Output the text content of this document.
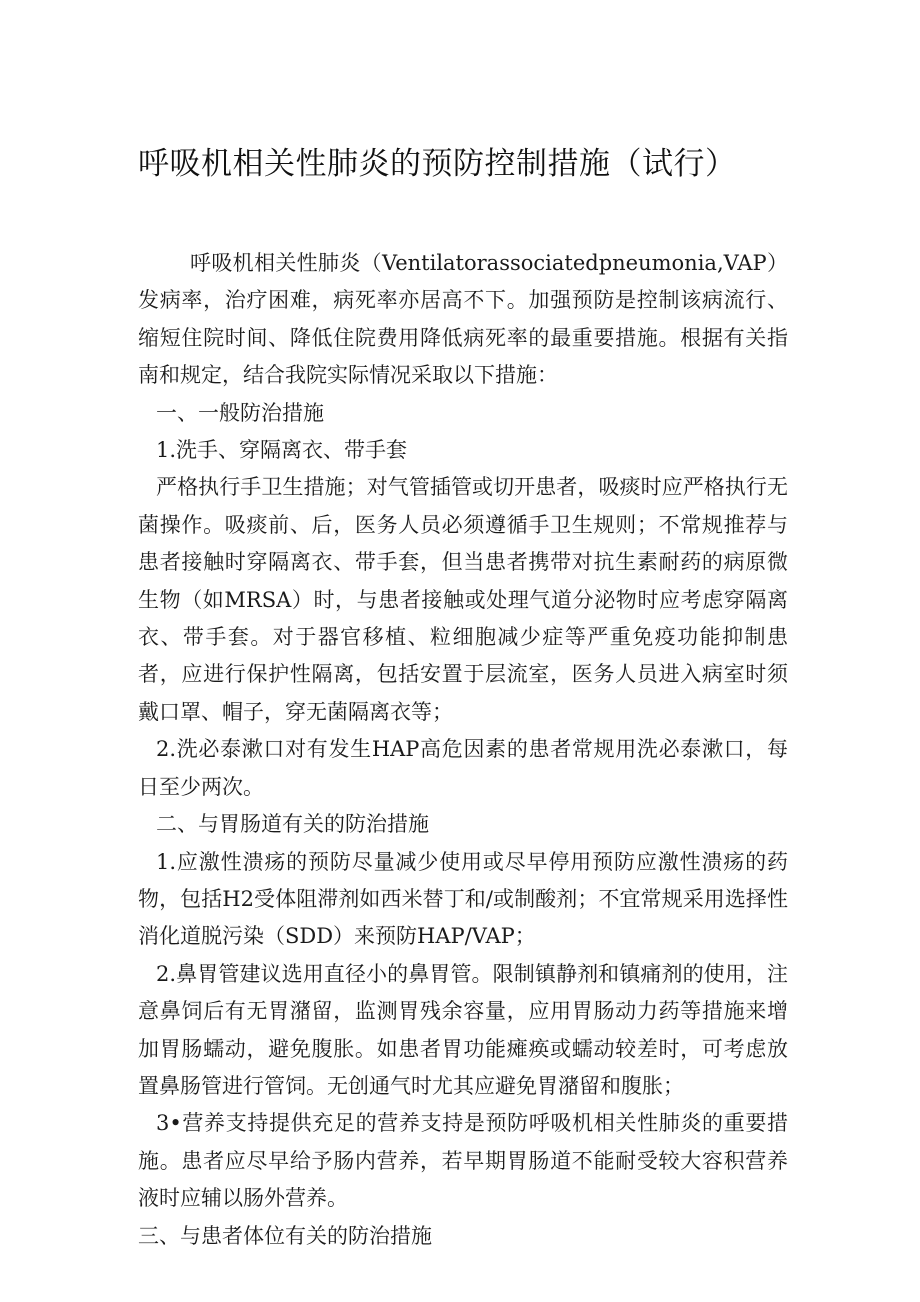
呼吸机相关性肺炎的预防控制措施（试行）

呼吸机相关性肺炎（Ventilatorassociatedpneumonia,VAP）发病率，治疗困难，病死率亦居高不下。加强预防是控制该病流行、缩短住院时间、降低住院费用降低病死率的最重要措施。根据有关指南和规定，结合我院实际情况采取以下措施：

一、一般防治措施

1.洗手、穿隔离衣、带手套

严格执行手卫生措施；对气管插管或切开患者，吸痰时应严格执行无菌操作。吸痰前、后，医务人员必须遵循手卫生规则；不常规推荐与患者接触时穿隔离衣、带手套，但当患者携带对抗生素耐药的病原微生物（如MRSA）时，与患者接触或处理气道分泌物时应考虑穿隔离衣、带手套。对于器官移植、粒细胞减少症等严重免疫功能抑制患者，应进行保护性隔离，包括安置于层流室，医务人员进入病室时须戴口罩、帽子，穿无菌隔离衣等；

2.洗必泰漱口对有发生HAP高危因素的患者常规用洗必泰漱口，每日至少两次。

二、与胃肠道有关的防治措施

1.应激性溃疡的预防尽量减少使用或尽早停用预防应激性溃疡的药物，包括H2受体阻滞剂如西米替丁和/或制酸剂；不宜常规采用选择性消化道脱污染（SDD）来预防HAP/VAP；

2.鼻胃管建议选用直径小的鼻胃管。限制镇静剂和镇痛剂的使用，注意鼻饲后有无胃潴留，监测胃残余容量，应用胃肠动力药等措施来增加胃肠蠕动，避免腹胀。如患者胃功能瘫痪或蠕动较差时，可考虑放置鼻肠管进行管饲。无创通气时尤其应避免胃潴留和腹胀；

3•营养支持提供充足的营养支持是预防呼吸机相关性肺炎的重要措施。患者应尽早给予肠内营养，若早期胃肠道不能耐受较大容积营养液时应辅以肠外营养。

三、与患者体位有关的防治措施
